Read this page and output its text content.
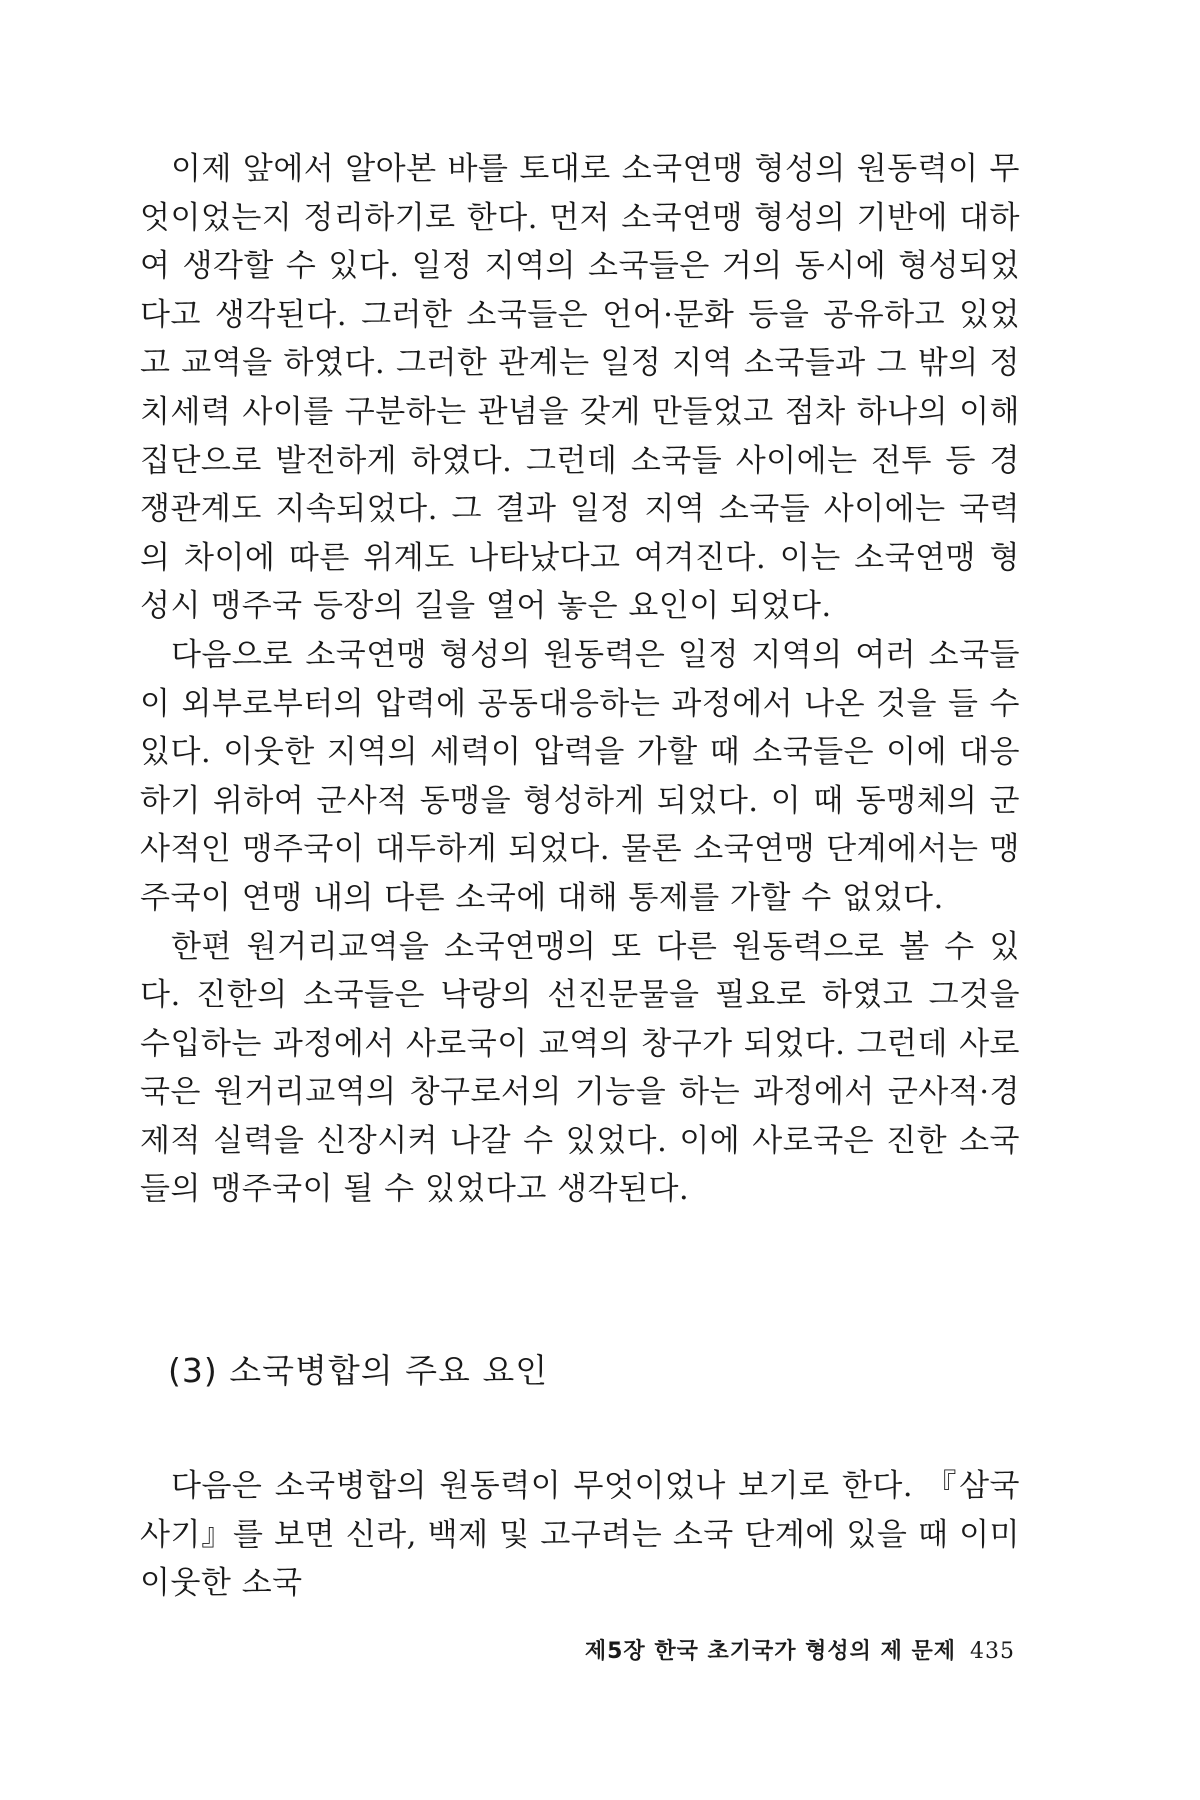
이제 앞에서 알아본 바를 토대로 소국연맹 형성의 원동력이 무엇이었는지 정리하기로 한다. 먼저 소국연맹 형성의 기반에 대하여 생각할 수 있다. 일정 지역의 소국들은 거의 동시에 형성되었다고 생각된다. 그러한 소국들은 언어·문화 등을 공유하고 있었고 교역을 하였다. 그러한 관계는 일정 지역 소국들과 그 밖의 정치세력 사이를 구분하는 관념을 갖게 만들었고 점차 하나의 이해집단으로 발전하게 하였다. 그런데 소국들 사이에는 전투 등 경쟁관계도 지속되었다. 그 결과 일정 지역 소국들 사이에는 국력의 차이에 따른 위계도 나타났다고 여겨진다. 이는 소국연맹 형성시 맹주국 등장의 길을 열어 놓은 요인이 되었다.

다음으로 소국연맹 형성의 원동력은 일정 지역의 여러 소국들이 외부로부터의 압력에 공동대응하는 과정에서 나온 것을 들 수 있다. 이웃한 지역의 세력이 압력을 가할 때 소국들은 이에 대응하기 위하여 군사적 동맹을 형성하게 되었다. 이 때 동맹체의 군사적인 맹주국이 대두하게 되었다. 물론 소국연맹 단계에서는 맹주국이 연맹 내의 다른 소국에 대해 통제를 가할 수 없었다.

한편 원거리교역을 소국연맹의 또 다른 원동력으로 볼 수 있다. 진한의 소국들은 낙랑의 선진문물을 필요로 하였고 그것을 수입하는 과정에서 사로국이 교역의 창구가 되었다. 그런데 사로국은 원거리교역의 창구로서의 기능을 하는 과정에서 군사적·경제적 실력을 신장시켜 나갈 수 있었다. 이에 사로국은 진한 소국들의 맹주국이 될 수 있었다고 생각된다.

(3) 소국병합의 주요 요인

다음은 소국병합의 원동력이 무엇이었나 보기로 한다. 『삼국사기』를 보면 신라, 백제 및 고구려는 소국 단계에 있을 때 이미 이웃한 소국

제5장 한국 초기국가 형성의 제 문제 435
